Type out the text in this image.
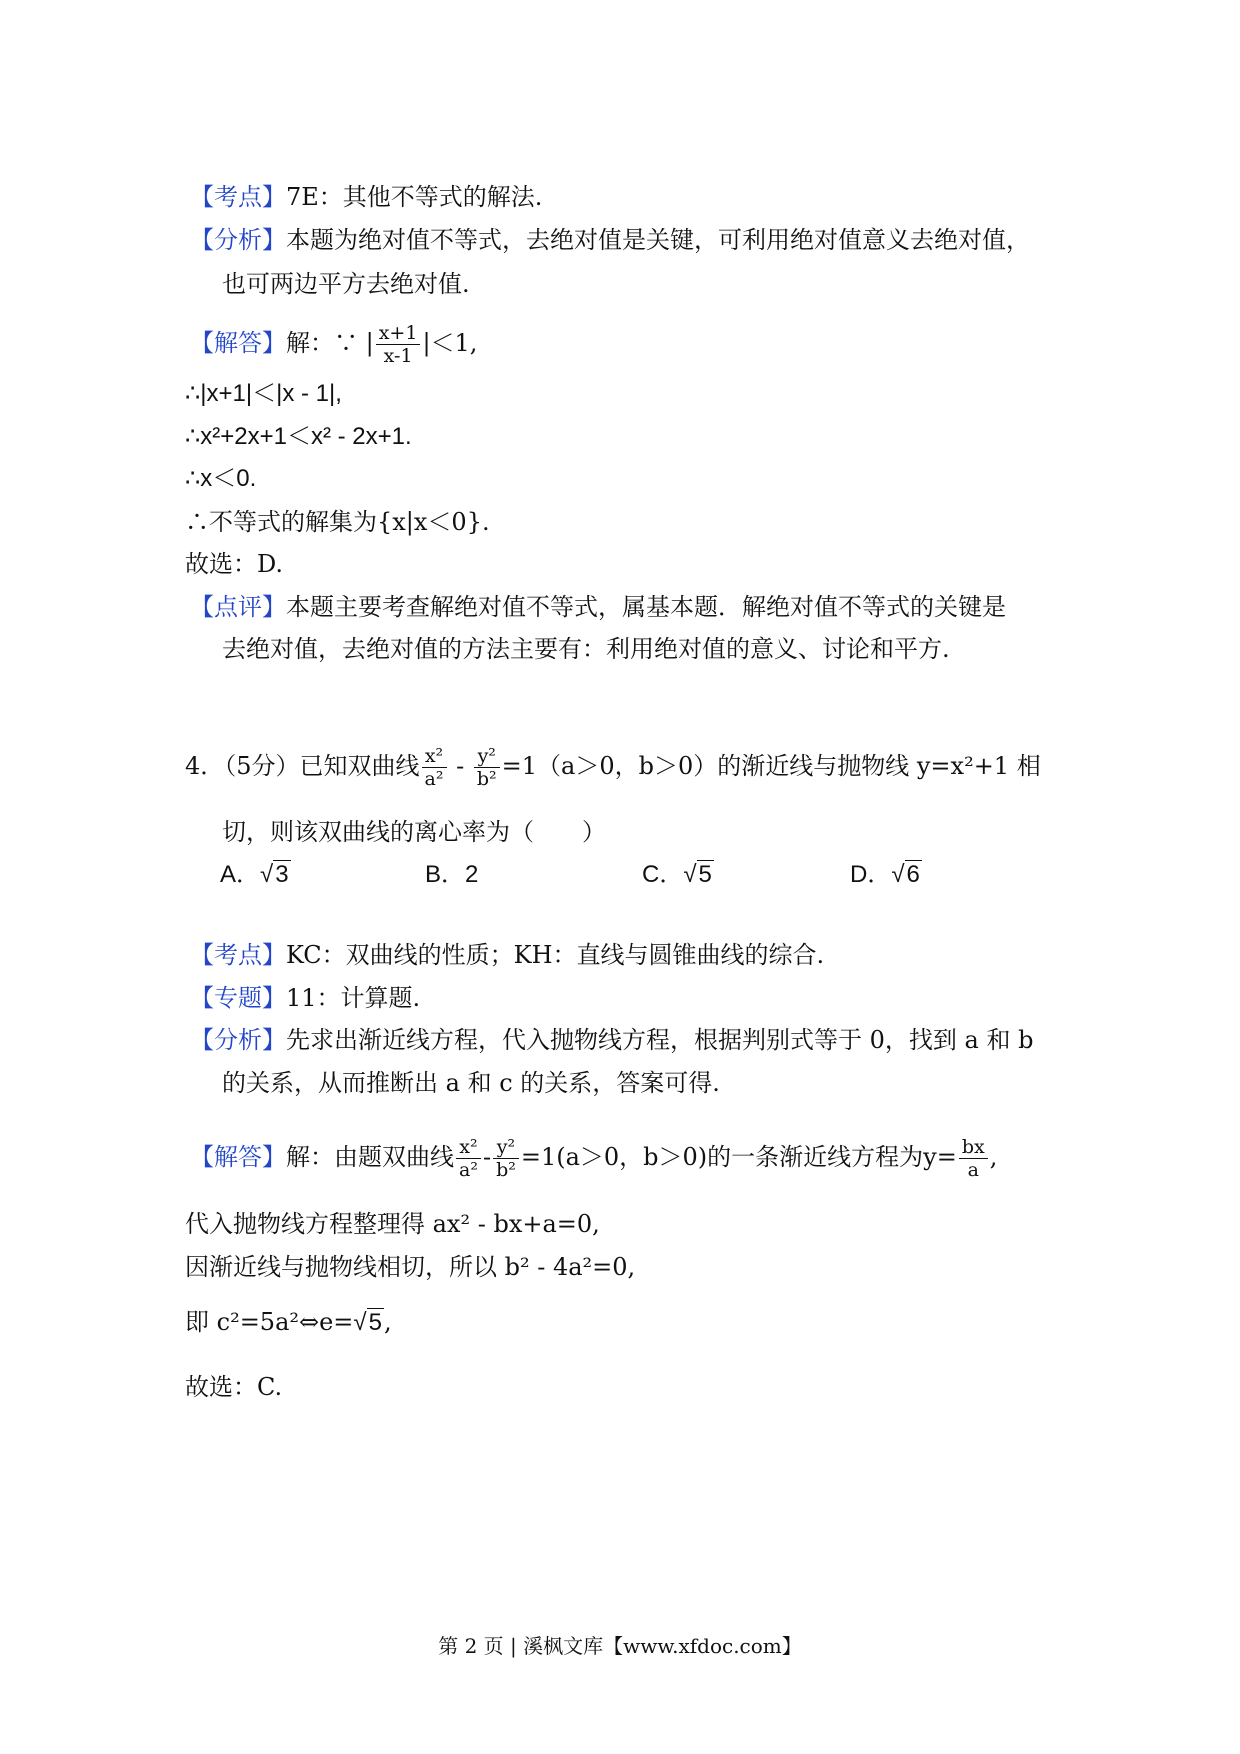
【考点】7E：其他不等式的解法.
【分析】本题为绝对值不等式，去绝对值是关键，可利用绝对值意义去绝对值，
也可两边平方去绝对值.
【解答】解：∵ | $\frac{x+1}{x-1} |<1$,
∴|x+1|＜|x - 1|,
∴x²+2x+1＜x² - 2x+1.
∴x＜0.
∴不等式的解集为{x|x＜0}.
故选：D.
【点评】本题主要考查解绝对值不等式，属基本题．解绝对值不等式的关键是
去绝对值，去绝对值的方法主要有：利用绝对值的意义、讨论和平方.
4．（5分）已知双曲线 $\frac{\text{x²}}{\text{a²}} - \frac{\text{y²}}{\text{b²}} =1(a>0$，b＞0）的渐近线与抛物线 y=x²+1 相
切，则该双曲线的离心率为（　　）
A．√3	B．2	C．√5	D．√6
【考点】KC：双曲线的性质；KH：直线与圆锥曲线的综合.
【专题】11：计算题.
【分析】先求出渐近线方程，代入抛物线方程，根据判别式等于 0，找到 a 和 b
的关系，从而推断出 a 和 c 的关系，答案可得.
【解答】解：由题双曲线 $\frac{\text{x²}}{\text{a²}} - \frac{\text{y²}}{\text{b²}} =1(a>0$，b＞0)的一条渐近线方程为$y= \frac{bx}{a}$ ,
代入抛物线方程整理得 ax² - bx+a=0,
因渐近线与抛物线相切，所以 b² - 4a²=0,
即 c²=5a²⇔e=√5,
故选：C.
第 2 页 | 溪枫文库【www.xfdoc.com】
